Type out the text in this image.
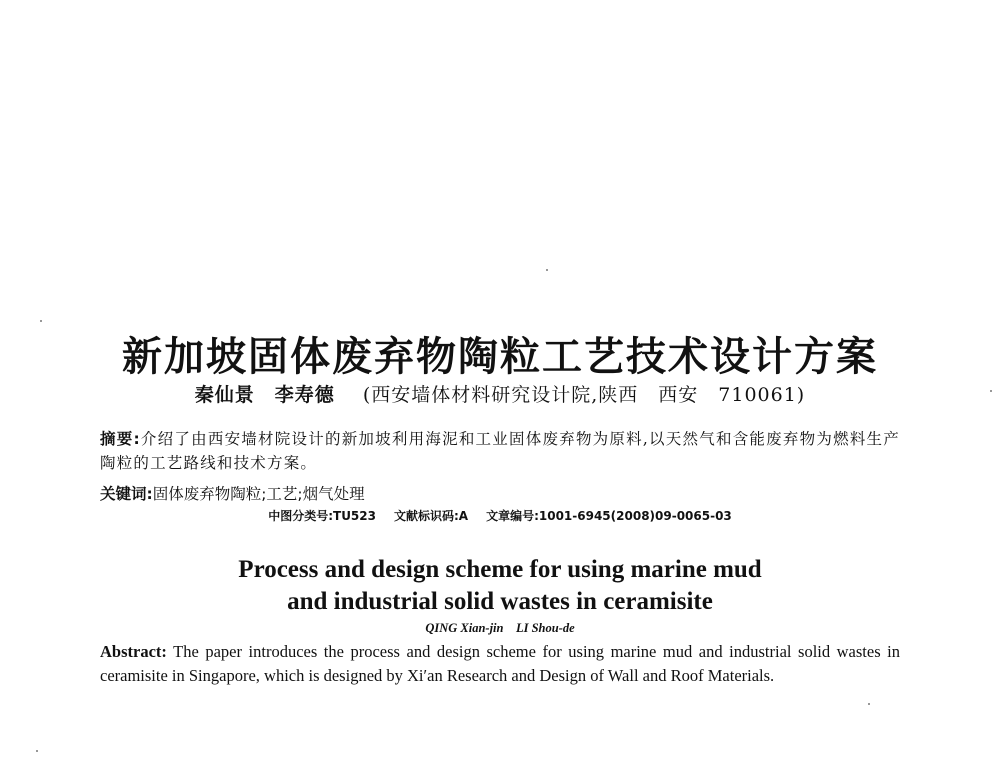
新加坡固体废弃物陶粒工艺技术设计方案
秦仙景　李寿德 (西安墙体材料研究设计院,陕西　西安　710061)

摘要:介绍了由西安墙材院设计的新加坡利用海泥和工业固体废弃物为原料,以天然气和含能废弃物为燃料生产陶粒的工艺路线和技术方案。

关键词:固体废弃物陶粒;工艺;烟气处理
中图分类号:TU523 文献标识码:A 文章编号:1001-6945(2008)09-0065-03
Process and design scheme for using marine mud
and industrial solid wastes in ceramisite
QING Xian-jin　LI Shou-de

Abstract: The paper introduces the process and design scheme for using marine mud and industrial solid wastes in ceramisite in Singapore, which is designed by Xi′an Research and Design of Wall and Roof Materials.
